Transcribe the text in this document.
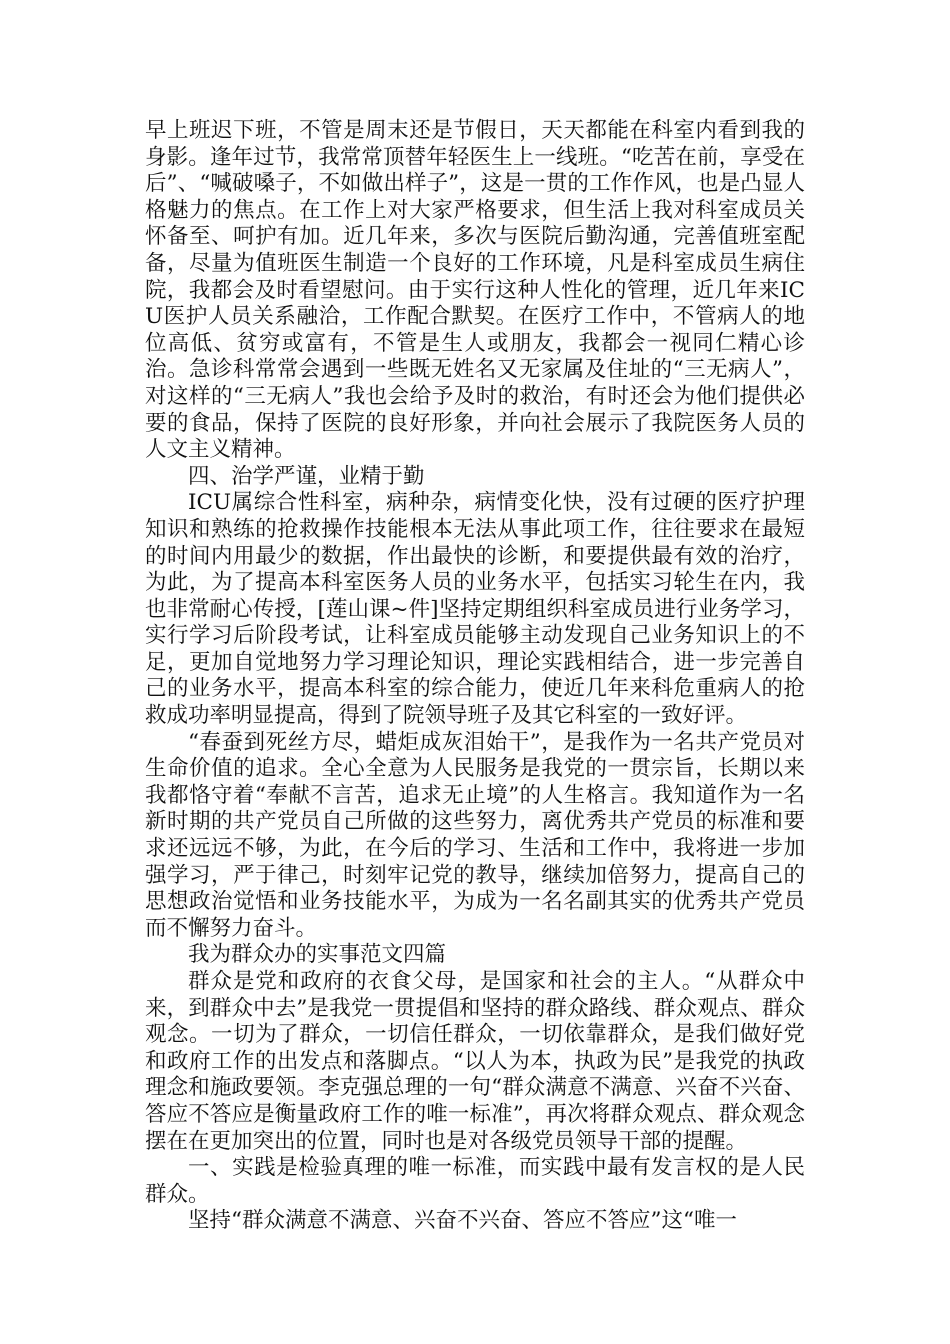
早上班迟下班，不管是周末还是节假日，天天都能在科室内看到我的身影。逢年过节，我常常顶替年轻医生上一线班。“吃苦在前，享受在后”、“喊破嗓子，不如做出样子”，这是一贯的工作作风，也是凸显人格魅力的焦点。在工作上对大家严格要求，但生活上我对科室成员关怀备至、呵护有加。近几年来，多次与医院后勤沟通，完善值班室配备，尽量为值班医生制造一个良好的工作环境，凡是科室成员生病住院，我都会及时看望慰问。由于实行这种人性化的管理，近几年来ICU医护人员关系融洽，工作配合默契。在医疗工作中，不管病人的地位高低、贫穷或富有，不管是生人或朋友，我都会一视同仁精心诊治。急诊科常常会遇到一些既无姓名又无家属及住址的“三无病人”，对这样的“三无病人”我也会给予及时的救治，有时还会为他们提供必要的食品，保持了医院的良好形象，并向社会展示了我院医务人员的人文主义精神。

四、治学严谨，业精于勤

ICU属综合性科室，病种杂，病情变化快，没有过硬的医疗护理知识和熟练的抢救操作技能根本无法从事此项工作，往往要求在最短的时间内用最少的数据，作出最快的诊断，和要提供最有效的治疗，为此，为了提高本科室医务人员的业务水平，包括实习轮生在内，我也非常耐心传授，[莲山课~件]坚持定期组织科室成员进行业务学习，实行学习后阶段考试，让科室成员能够主动发现自己业务知识上的不足，更加自觉地努力学习理论知识，理论实践相结合，进一步完善自己的业务水平，提高本科室的综合能力，使近几年来科危重病人的抢救成功率明显提高，得到了院领导班子及其它科室的一致好评。

“春蚕到死丝方尽，蜡炬成灰泪始干”，是我作为一名共产党员对生命价值的追求。全心全意为人民服务是我党的一贯宗旨，长期以来我都恪守着“奉献不言苦，追求无止境”的人生格言。我知道作为一名新时期的共产党员自己所做的这些努力，离优秀共产党员的标准和要求还远远不够，为此，在今后的学习、生活和工作中，我将进一步加强学习，严于律己，时刻牢记党的教导，继续加倍努力，提高自己的思想政治觉悟和业务技能水平，为成为一名名副其实的优秀共产党员而不懈努力奋斗。

我为群众办的实事范文四篇

群众是党和政府的衣食父母，是国家和社会的主人。“从群众中来，到群众中去”是我党一贯提倡和坚持的群众路线、群众观点、群众观念。一切为了群众，一切信任群众，一切依靠群众，是我们做好党和政府工作的出发点和落脚点。“以人为本，执政为民”是我党的执政理念和施政要领。李克强总理的一句“群众满意不满意、兴奋不兴奋、答应不答应是衡量政府工作的唯一标准”，再次将群众观点、群众观念摆在在更加突出的位置，同时也是对各级党员领导干部的提醒。

一、实践是检验真理的唯一标准，而实践中最有发言权的是人民群众。

坚持“群众满意不满意、兴奋不兴奋、答应不答应”这“唯一
